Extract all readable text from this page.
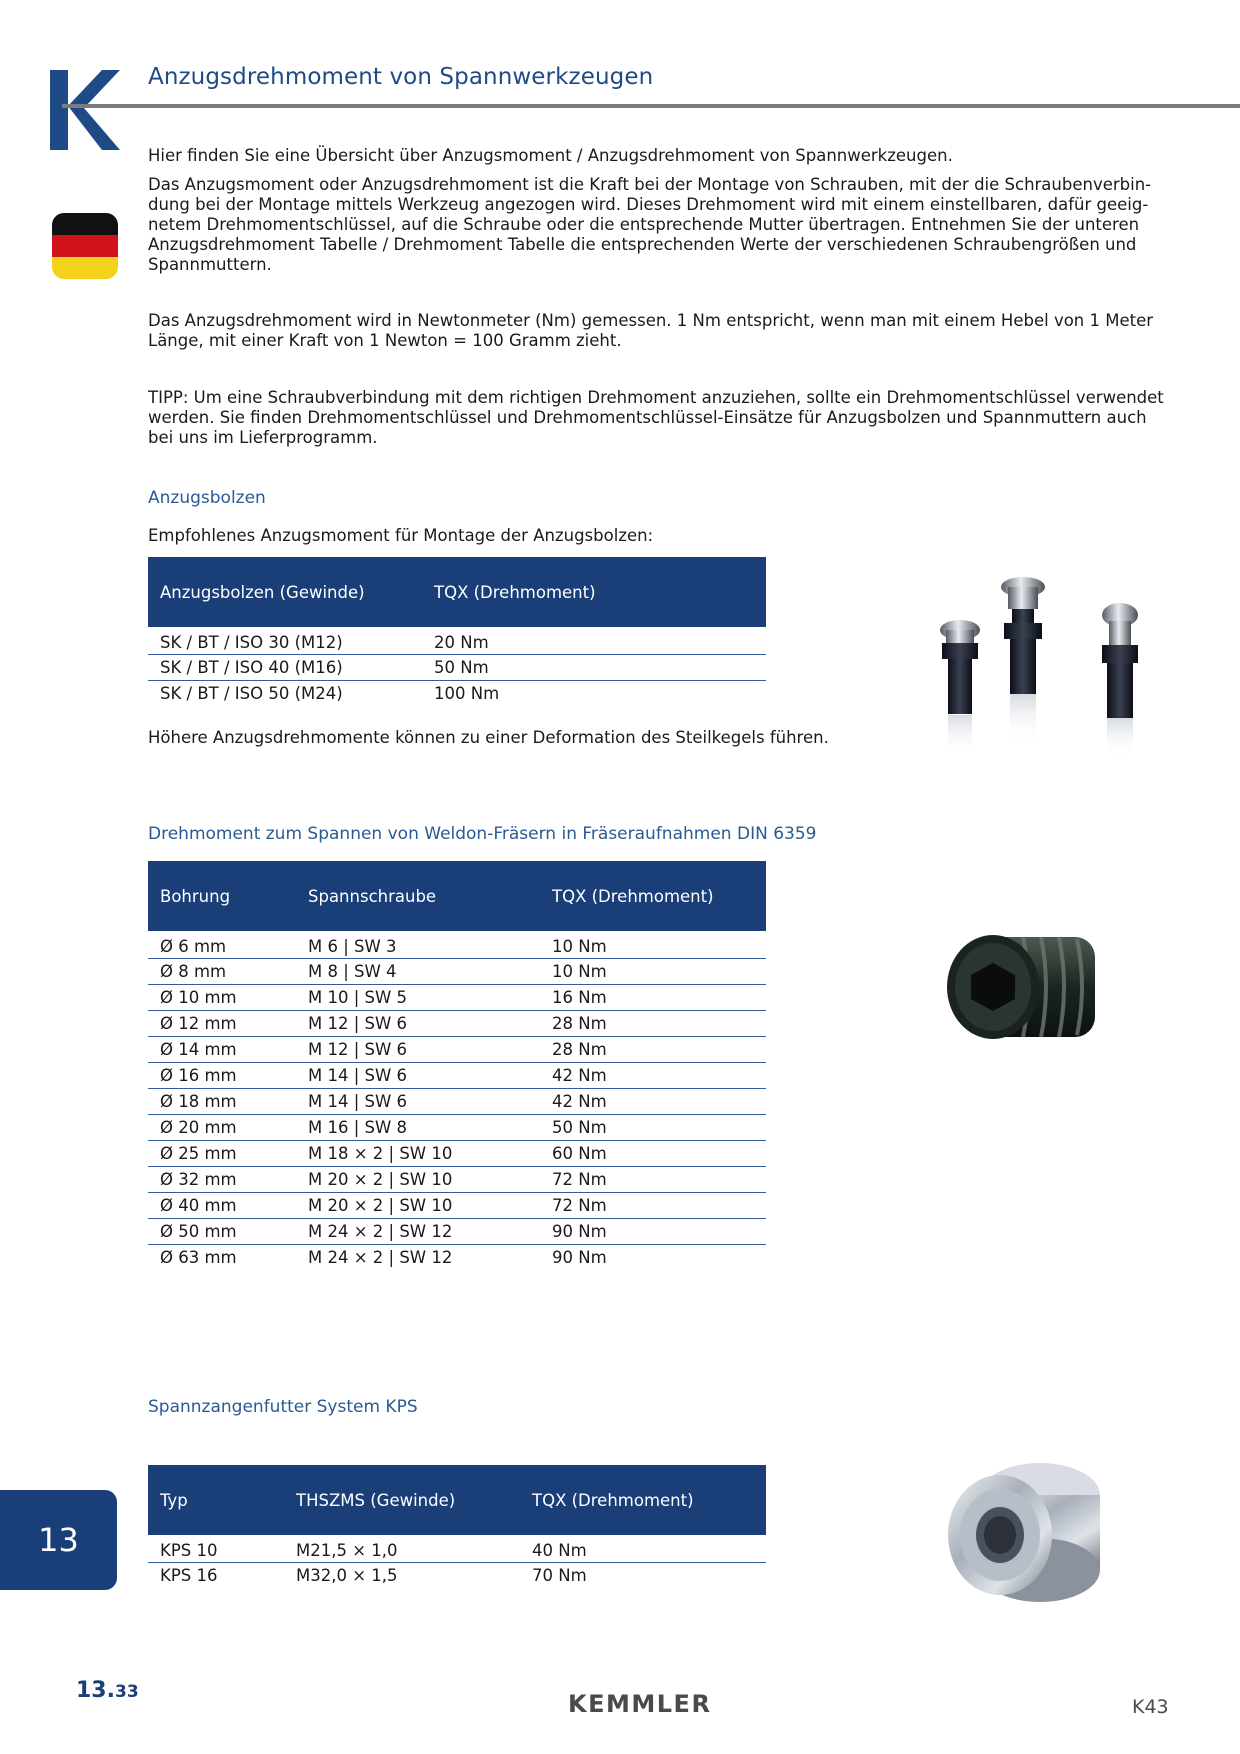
Anzugsdrehmoment von Spannwerkzeugen
Hier finden Sie eine Übersicht über Anzugsmoment / Anzugsdrehmoment von Spannwerkzeugen.
Das Anzugsmoment oder Anzugsdrehmoment ist die Kraft bei der Montage von Schrauben, mit der die Schraubenverbin-
dung bei der Montage mittels Werkzeug angezogen wird. Dieses Drehmoment wird mit einem einstellbaren, dafür geeig-
netem Drehmomentschlüssel, auf die Schraube oder die entsprechende Mutter übertragen. Entnehmen Sie der unteren
Anzugsdrehmoment Tabelle / Drehmoment Tabelle die entsprechenden Werte der verschiedenen Schraubengrößen und
Spannmuttern.
Das Anzugsdrehmoment wird in Newtonmeter (Nm) gemessen. 1 Nm entspricht, wenn man mit einem Hebel von 1 Meter
Länge, mit einer Kraft von 1 Newton = 100 Gramm zieht.
TIPP: Um eine Schraubverbindung mit dem richtigen Drehmoment anzuziehen, sollte ein Drehmomentschlüssel verwendet
werden. Sie finden Drehmomentschlüssel und Drehmomentschlüssel-Einsätze für Anzugsbolzen und Spannmuttern auch
bei uns im Lieferprogramm.
Anzugsbolzen
Empfohlenes Anzugsmoment für Montage der Anzugsbolzen:
Anzugsbolzen (Gewinde)	TQX (Drehmoment)
SK / BT / ISO 30 (M12)	20 Nm
SK / BT / ISO 40 (M16)	50 Nm
SK / BT / ISO 50 (M24)	100 Nm
Höhere Anzugsdrehmomente können zu einer Deformation des Steilkegels führen.
Drehmoment zum Spannen von Weldon-Fräsern in Fräseraufnahmen DIN 6359
Bohrung	Spannschraube	TQX (Drehmoment)
Ø 6 mm	M 6 | SW 3	10 Nm
Ø 8 mm	M 8 | SW 4	10 Nm
Ø 10 mm	M 10 | SW 5	16 Nm
Ø 12 mm	M 12 | SW 6	28 Nm
Ø 14 mm	M 12 | SW 6	28 Nm
Ø 16 mm	M 14 | SW 6	42 Nm
Ø 18 mm	M 14 | SW 6	42 Nm
Ø 20 mm	M 16 | SW 8	50 Nm
Ø 25 mm	M 18 × 2 | SW 10	60 Nm
Ø 32 mm	M 20 × 2 | SW 10	72 Nm
Ø 40 mm	M 20 × 2 | SW 10	72 Nm
Ø 50 mm	M 24 × 2 | SW 12	90 Nm
Ø 63 mm	M 24 × 2 | SW 12	90 Nm
Spannzangenfutter System KPS
Typ	THSZMS (Gewinde)	TQX (Drehmoment)
KPS 10	M21,5 × 1,0	40 Nm
KPS 16	M32,0 × 1,5	70 Nm
13
13.33	KEMMLER	K43
